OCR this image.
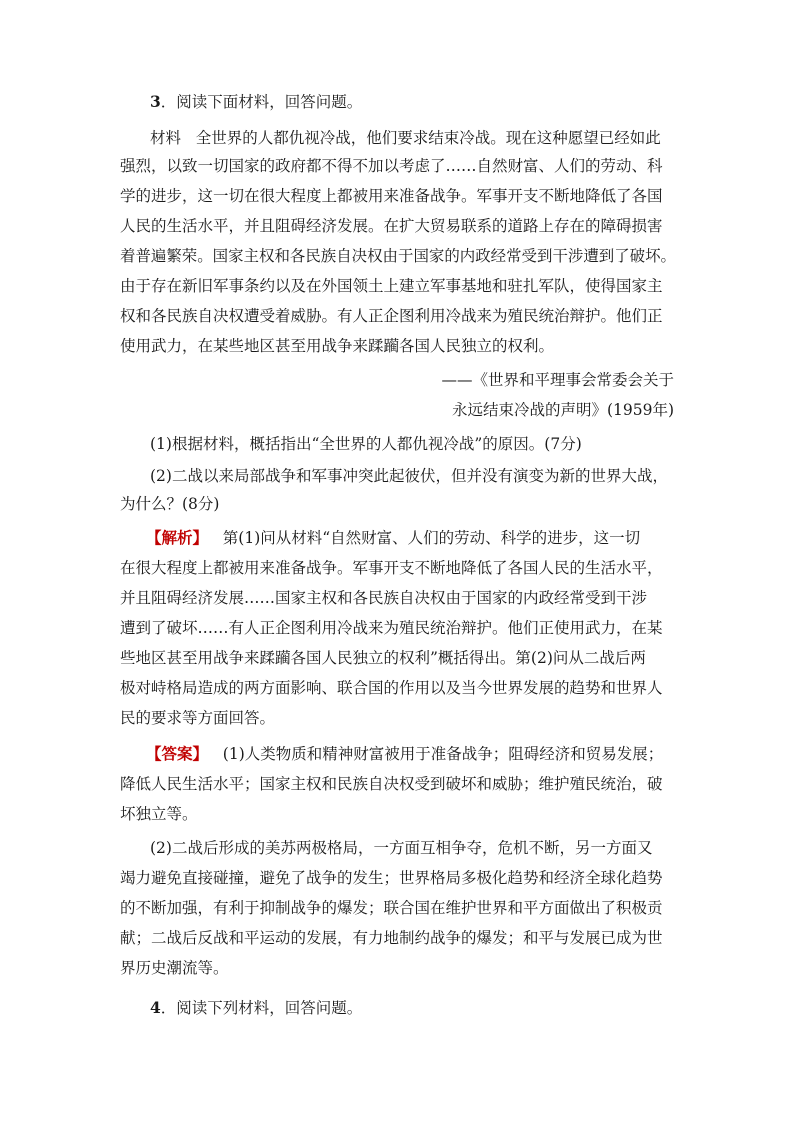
3．阅读下面材料，回答问题。
材料 全世界的人都仇视冷战，他们要求结束冷战。现在这种愿望已经如此
强烈，以致一切国家的政府都不得不加以考虑了……自然财富、人们的劳动、科
学的进步，这一切在很大程度上都被用来准备战争。军事开支不断地降低了各国
人民的生活水平，并且阻碍经济发展。在扩大贸易联系的道路上存在的障碍损害
着普遍繁荣。国家主权和各民族自决权由于国家的内政经常受到干涉遭到了破坏。
由于存在新旧军事条约以及在外国领土上建立军事基地和驻扎军队，使得国家主
权和各民族自决权遭受着威胁。有人正企图利用冷战来为殖民统治辩护。他们正
使用武力，在某些地区甚至用战争来蹂躏各国人民独立的权利。
——《世界和平理事会常委会关于
永远结束冷战的声明》(1959年)
(1)根据材料，概括指出“全世界的人都仇视冷战”的原因。(7分)
(2)二战以来局部战争和军事冲突此起彼伏，但并没有演变为新的世界大战，
为什么？(8分)
【解析】 第(1)问从材料“自然财富、人们的劳动、科学的进步，这一切
在很大程度上都被用来准备战争。军事开支不断地降低了各国人民的生活水平，
并且阻碍经济发展……国家主权和各民族自决权由于国家的内政经常受到干涉
遭到了破坏……有人正企图利用冷战来为殖民统治辩护。他们正使用武力，在某
些地区甚至用战争来蹂躏各国人民独立的权利”概括得出。第(2)问从二战后两
极对峙格局造成的两方面影响、联合国的作用以及当今世界发展的趋势和世界人
民的要求等方面回答。
【答案】 (1)人类物质和精神财富被用于准备战争；阻碍经济和贸易发展；
降低人民生活水平；国家主权和民族自决权受到破坏和威胁；维护殖民统治，破
坏独立等。
(2)二战后形成的美苏两极格局，一方面互相争夺，危机不断，另一方面又
竭力避免直接碰撞，避免了战争的发生；世界格局多极化趋势和经济全球化趋势
的不断加强，有利于抑制战争的爆发；联合国在维护世界和平方面做出了积极贡
献；二战后反战和平运动的发展，有力地制约战争的爆发；和平与发展已成为世
界历史潮流等。
4．阅读下列材料，回答问题。
